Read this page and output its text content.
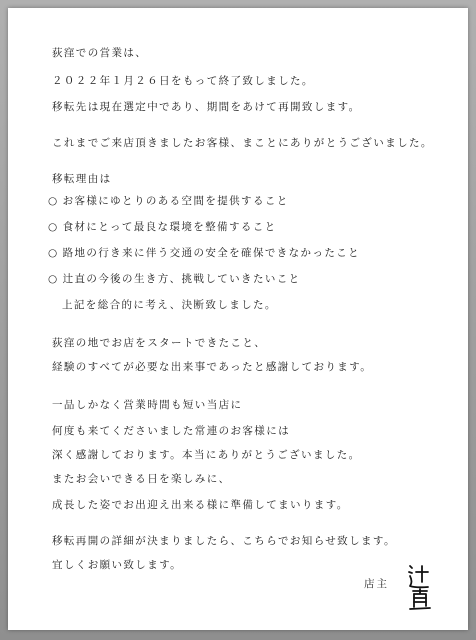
荻窪での営業は、
２０２２年１月２６日をもって終了致しました。
移転先は現在選定中であり、期間をあけて再開致します。
これまでご来店頂きましたお客様、まことにありがとうございました。
移転理由は
○ お客様にゆとりのある空間を提供すること
○ 食材にとって最良な環境を整備すること
○ 路地の行き来に伴う交通の安全を確保できなかったこと
○ 辻直の今後の生き方、挑戦していきたいこと
上記を総合的に考え、決断致しました。
荻窪の地でお店をスタートできたこと、
経験のすべてが必要な出来事であったと感謝しております。
一品しかなく営業時間も短い当店に
何度も来てくださいました常連のお客様には
深く感謝しております。本当にありがとうございました。
またお会いできる日を楽しみに、
成長した姿でお出迎え出来る様に準備してまいります。
移転再開の詳細が決まりましたら、こちらでお知らせ致します。
宜しくお願い致します。
店主
